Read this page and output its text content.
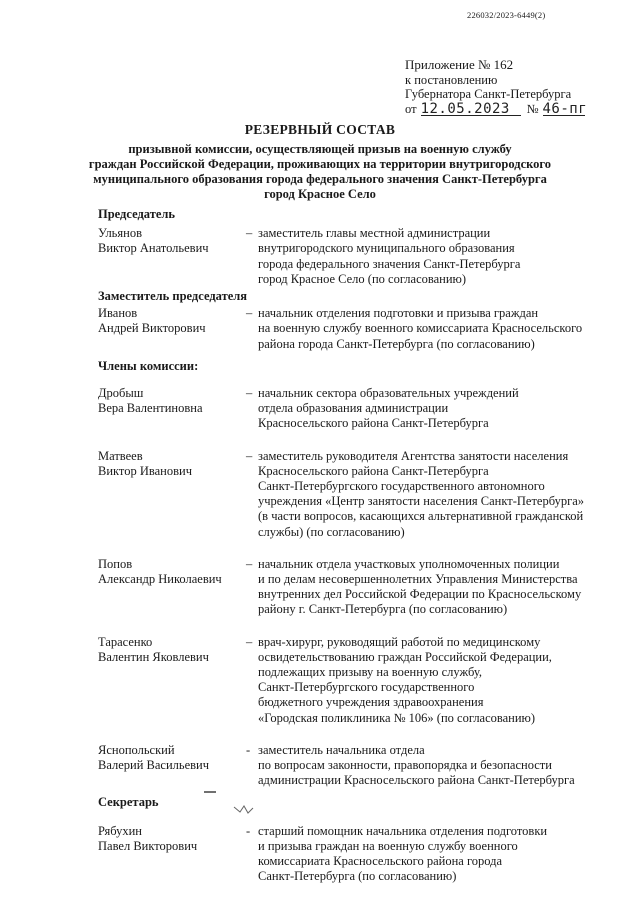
226032/2023-6449(2)
Приложение № 162
к постановлению
Губернатора Санкт-Петербурга
от 12.05.2023	№ 46-пг
РЕЗЕРВНЫЙ СОСТАВ
призывной комиссии, осуществляющей призыв на военную службу
граждан Российской Федерации, проживающих на территории внутригородского
муниципального образования города федерального значения Санкт-Петербурга
город Красное Село
Председатель
Ульянов
Виктор Анатольевич
– заместитель главы местной администрации
внутригородского муниципального образования
города федерального значения Санкт-Петербурга
город Красное Село (по согласованию)
Заместитель председателя
Иванов
Андрей Викторович
– начальник отделения подготовки и призыва граждан
на военную службу военного комиссариата Красносельского
района города Санкт-Петербурга (по согласованию)
Члены комиссии:
Дробыш
Вера Валентиновна
– начальник сектора образовательных учреждений
отдела образования администрации
Красносельского района Санкт-Петербурга
Матвеев
Виктор Иванович
– заместитель руководителя Агентства занятости населения
Красносельского района Санкт-Петербурга
Санкт-Петербургского государственного автономного
учреждения «Центр занятости населения Санкт-Петербурга»
(в части вопросов, касающихся альтернативной гражданской
службы) (по согласованию)
Попов
Александр Николаевич
– начальник отдела участковых уполномоченных полиции
и по делам несовершеннолетних Управления Министерства
внутренних дел Российской Федерации по Красносельскому
району г. Санкт-Петербурга (по согласованию)
Тарасенко
Валентин Яковлевич
– врач-хирург, руководящий работой по медицинскому
освидетельствованию граждан Российской Федерации,
подлежащих призыву на военную службу,
Санкт-Петербургского государственного
бюджетного учреждения здравоохранения
«Городская поликлиника № 106» (по согласованию)
Яснопольский
Валерий Васильевич
- заместитель начальника отдела
по вопросам законности, правопорядка и безопасности
администрации Красносельского района Санкт-Петербурга
Секретарь
Рябухин
Павел Викторович
- старший помощник начальника отделения подготовки
и призыва граждан на военную службу военного
комиссариата Красносельского района города
Санкт-Петербурга (по согласованию)
